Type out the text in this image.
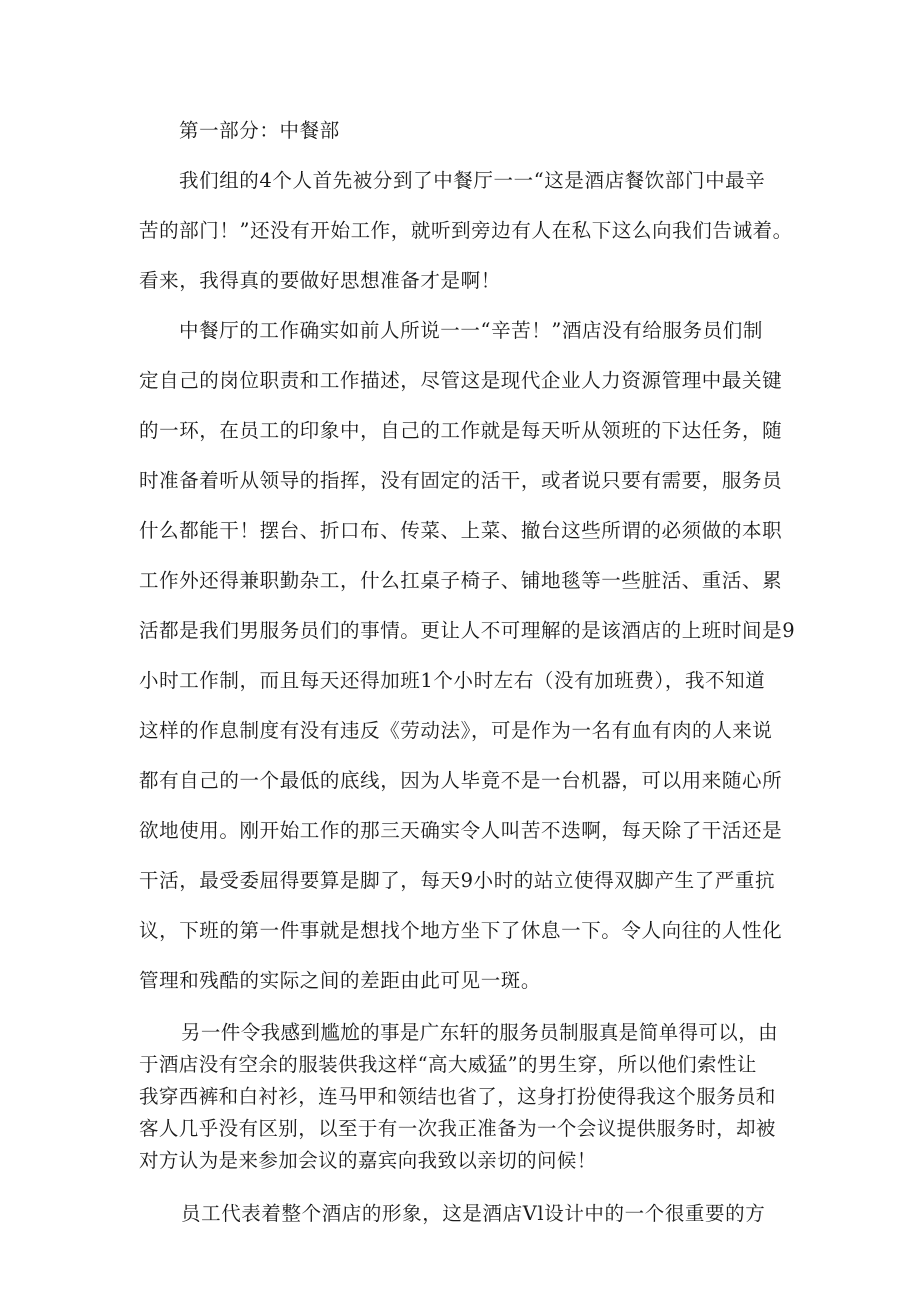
第一部分：中餐部
我们组的4个人首先被分到了中餐厅一一“这是酒店餐饮部门中最辛
苦的部门！”还没有开始工作，就听到旁边有人在私下这么向我们告诫着。
看来，我得真的要做好思想准备才是啊！
中餐厅的工作确实如前人所说一一“辛苦！”酒店没有给服务员们制
定自己的岗位职责和工作描述，尽管这是现代企业人力资源管理中最关键
的一环，在员工的印象中，自己的工作就是每天听从领班的下达任务，随
时准备着听从领导的指挥，没有固定的活干，或者说只要有需要，服务员
什么都能干！摆台、折口布、传菜、上菜、撤台这些所谓的必须做的本职
工作外还得兼职勤杂工，什么扛桌子椅子、铺地毯等一些脏活、重活、累
活都是我们男服务员们的事情。更让人不可理解的是该酒店的上班时间是9
小时工作制，而且每天还得加班1个小时左右（没有加班费），我不知道
这样的作息制度有没有违反《劳动法》，可是作为一名有血有肉的人来说
都有自己的一个最低的底线，因为人毕竟不是一台机器，可以用来随心所
欲地使用。刚开始工作的那三天确实令人叫苦不迭啊，每天除了干活还是
干活，最受委屈得要算是脚了，每天9小时的站立使得双脚产生了严重抗
议，下班的第一件事就是想找个地方坐下了休息一下。令人向往的人性化
管理和残酷的实际之间的差距由此可见一斑。
另一件令我感到尴尬的事是广东轩的服务员制服真是简单得可以，由
于酒店没有空余的服装供我这样“高大威猛”的男生穿，所以他们索性让
我穿西裤和白衬衫，连马甲和领结也省了，这身打扮使得我这个服务员和
客人几乎没有区别，以至于有一次我正准备为一个会议提供服务时，却被
对方认为是来参加会议的嘉宾向我致以亲切的问候！
员工代表着整个酒店的形象，这是酒店Vl设计中的一个很重要的方
